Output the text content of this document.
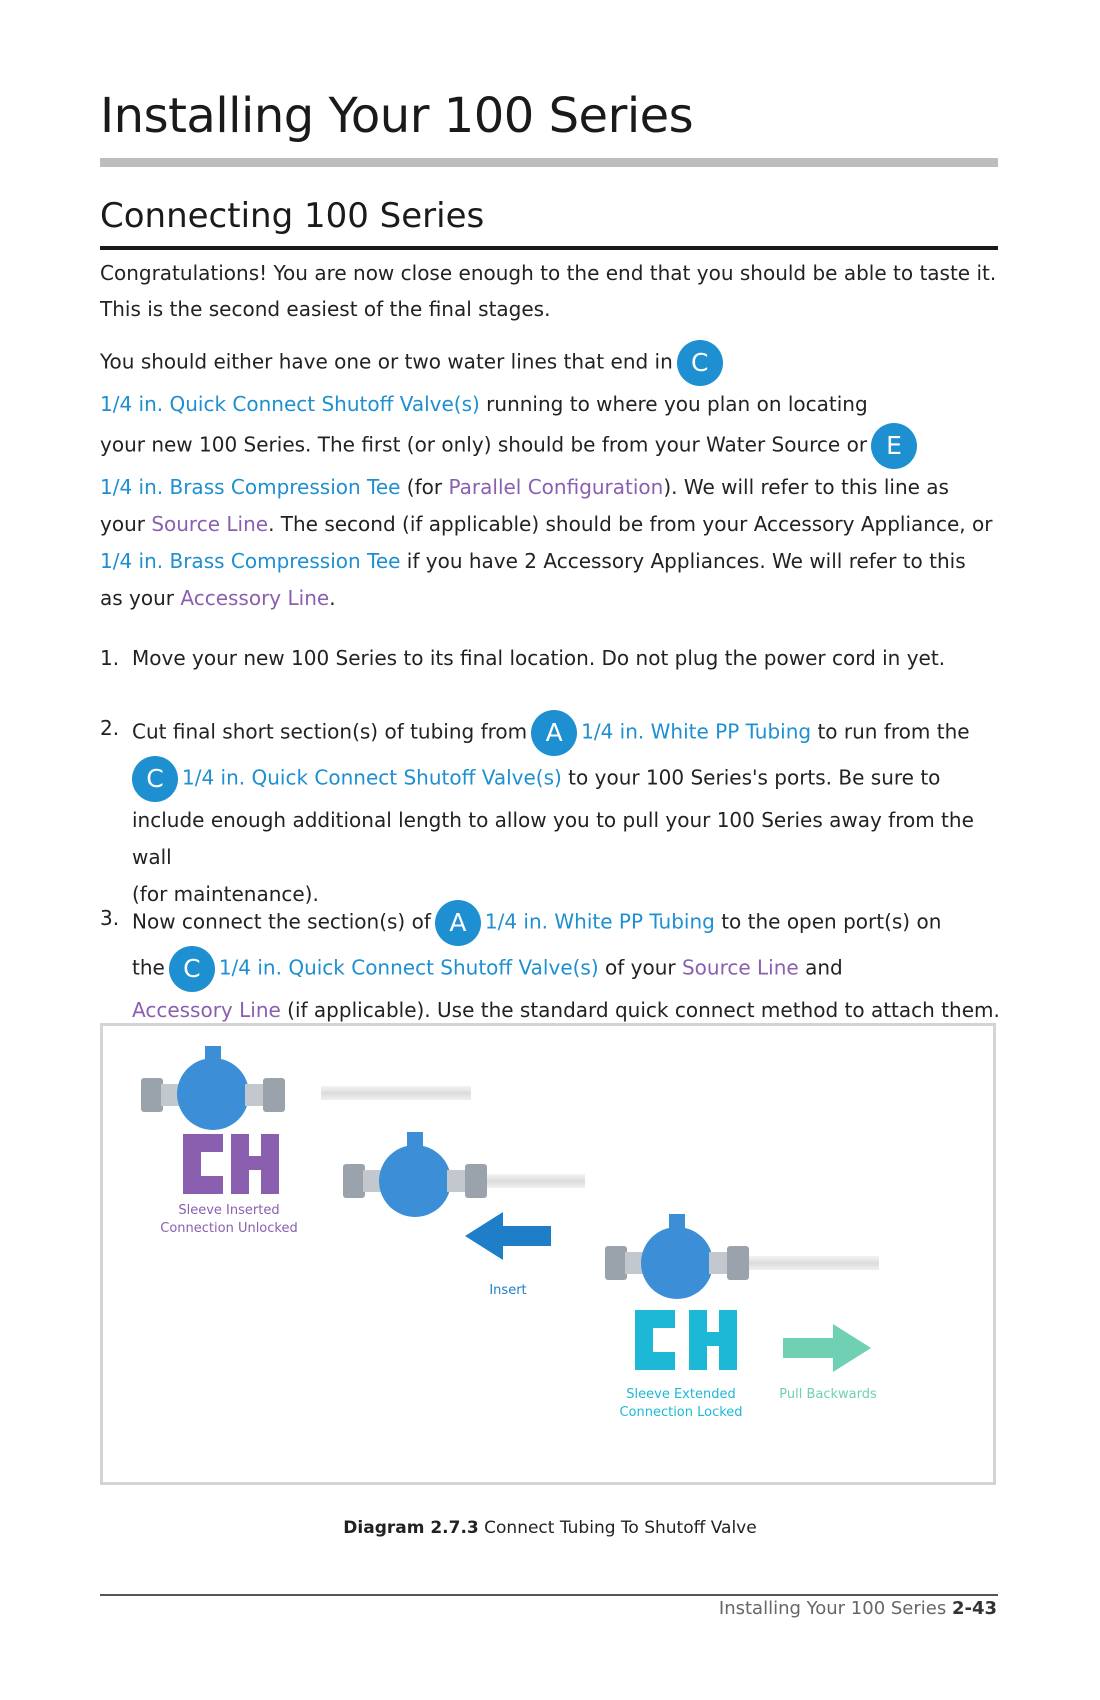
Installing Your 100 Series
Connecting 100 Series

Congratulations! You are now close enough to the end that you should be able to taste it.
This is the second easiest of the final stages.

You should either have one or two water lines that end in C
1/4 in. Quick Connect Shutoff Valve(s) running to where you plan on locating
your new 100 Series. The first (or only) should be from your Water Source or E
1/4 in. Brass Compression Tee (for Parallel Configuration). We will refer to this line as
your Source Line. The second (if applicable) should be from your Accessory Appliance, or
1/4 in. Brass Compression Tee if you have 2 Accessory Appliances. We will refer to this
as your Accessory Line.

1. Move your new 100 Series to its final location. Do not plug the power cord in yet.
2. Cut final short section(s) of tubing from A 1/4 in. White PP Tubing to run from the
C 1/4 in. Quick Connect Shutoff Valve(s) to your 100 Series's ports. Be sure to
include enough additional length to allow you to pull your 100 Series away from the wall
(for maintenance).
3. Now connect the section(s) of A 1/4 in. White PP Tubing to the open port(s) on
the C 1/4 in. Quick Connect Shutoff Valve(s) of your Source Line and
Accessory Line (if applicable). Use the standard quick connect method to attach them.
Sleeve Inserted
Connection Unlocked
Insert
Sleeve Extended
Connection Locked
Pull Backwards
Diagram 2.7.3 Connect Tubing To Shutoff Valve
Installing Your 100 Series 2-43
